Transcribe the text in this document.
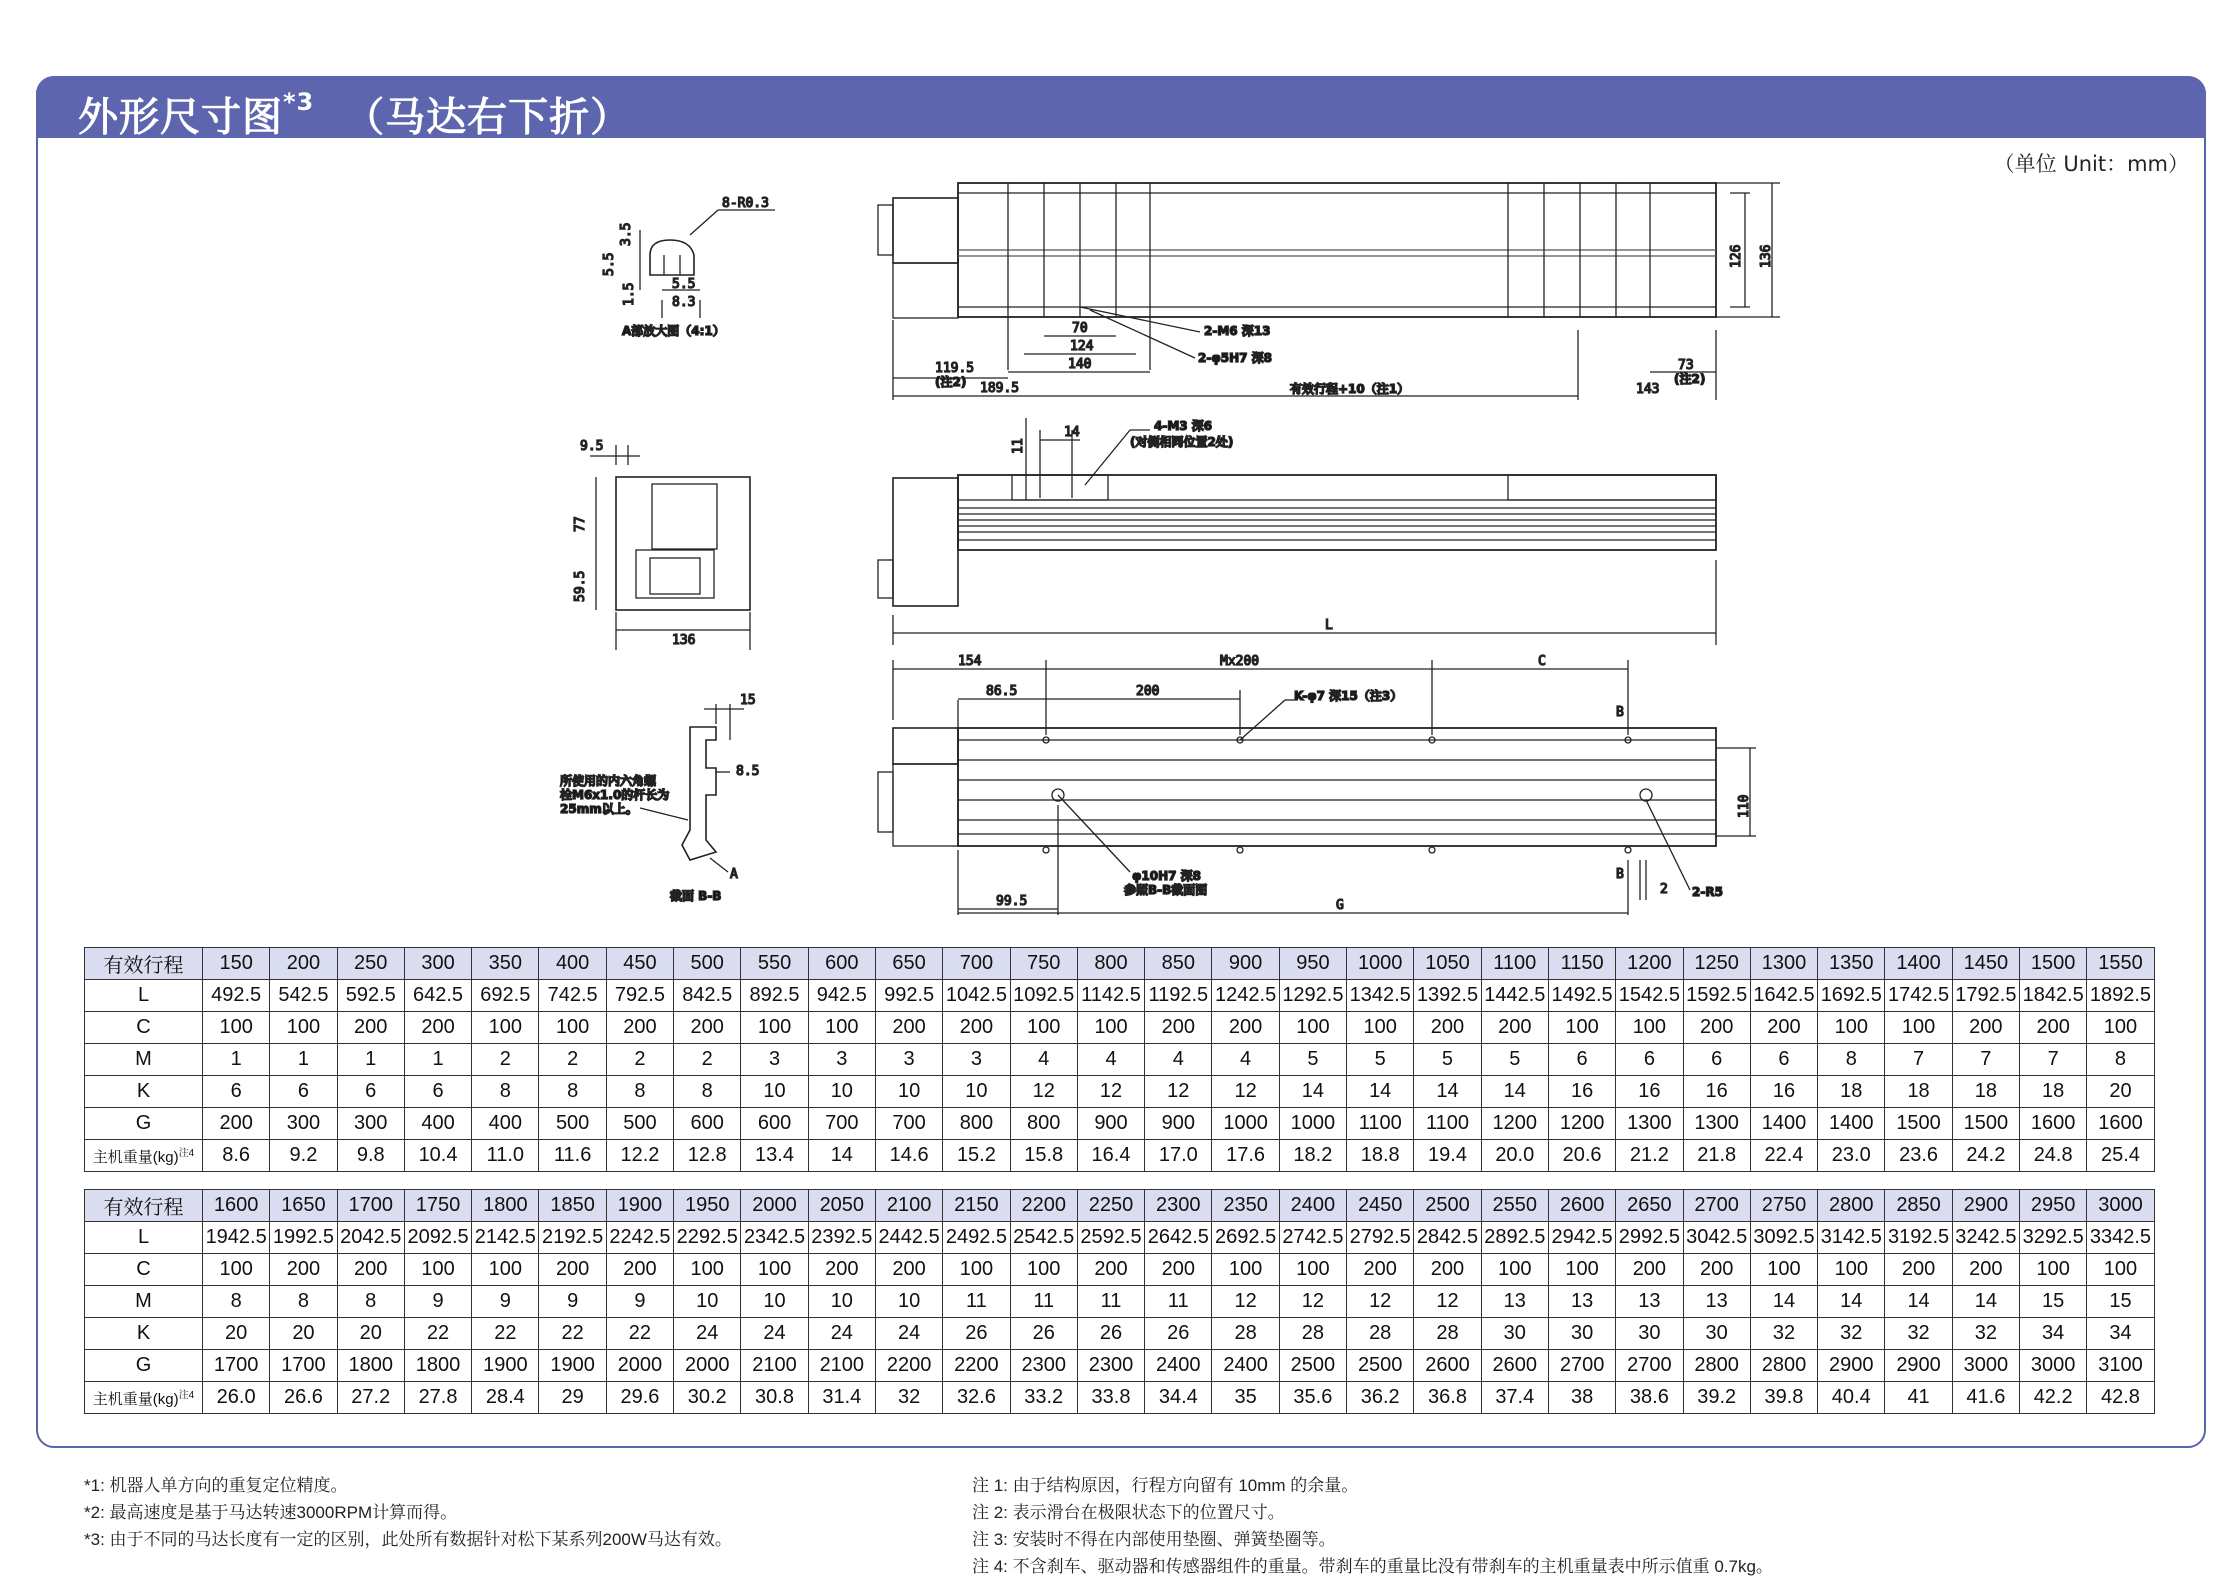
外形尺寸图$^{*3}$ （马达右下折）
（单位 Unit：mm）
8-R0.3
3.5
5.5
1.5	5.5
8.3
A部放大图（4:1）
126 136
70
124
140
2-M6 深13
2-φ5H7 深8
119.5
(注2) 189.5	有效行程+10（注1）	143
73
(注2)
9.5
77
59.5
136
14
11
4-M3 深6
(对侧相同位置2处)
L
15
8.5
A
所使用的内六角螺
栓M6x1.0的杆长为
25mm以上。
截面 B-B
154	Mx200	C
86.5	200	K-φ7 深15（注3）
B
110
B
2 2-R5
φ10H7 深8
参照B-B截面图
99.5	G
有效行程	150	200	250	300	350	400	450	500	550	600	650	700	750	800	850	900	950	1000	1050	1100	1150	1200	1250	1300	1350	1400	1450	1500	1550
L	492.5	542.5	592.5	642.5	692.5	742.5	792.5	842.5	892.5	942.5	992.5	1042.5	1092.5	1142.5	1192.5	1242.5	1292.5	1342.5	1392.5	1442.5	1492.5	1542.5	1592.5	1642.5	1692.5	1742.5	1792.5	1842.5	1892.5
C	100	100	200	200	100	100	200	200	100	100	200	200	100	100	200	200	100	100	200	200	100	100	200	200	100	100	200	200	100
M	1	1	1	1	2	2	2	2	3	3	3	3	4	4	4	4	5	5	5	5	6	6	6	6	8	7	7	7	8
K	6	6	6	6	8	8	8	8	10	10	10	10	12	12	12	12	14	14	14	14	16	16	16	16	18	18	18	18	20
G	200	300	300	400	400	500	500	600	600	700	700	800	800	900	900	1000	1000	1100	1100	1200	1200	1300	1300	1400	1400	1500	1500	1600	1600
主机重量(kg)$^{注4}$	8.6	9.2	9.8	10.4	11.0	11.6	12.2	12.8	13.4	14	14.6	15.2	15.8	16.4	17.0	17.6	18.2	18.8	19.4	20.0	20.6	21.2	21.8	22.4	23.0	23.6	24.2	24.8	25.4
有效行程	1600	1650	1700	1750	1800	1850	1900	1950	2000	2050	2100	2150	2200	2250	2300	2350	2400	2450	2500	2550	2600	2650	2700	2750	2800	2850	2900	2950	3000
L	1942.5	1992.5	2042.5	2092.5	2142.5	2192.5	2242.5	2292.5	2342.5	2392.5	2442.5	2492.5	2542.5	2592.5	2642.5	2692.5	2742.5	2792.5	2842.5	2892.5	2942.5	2992.5	3042.5	3092.5	3142.5	3192.5	3242.5	3292.5	3342.5
C	100	200	200	100	100	200	200	100	100	200	200	100	100	200	200	100	100	200	200	100	100	200	200	100	100	200	200	100	100
M	8	8	8	9	9	9	9	10	10	10	10	11	11	11	11	12	12	12	12	13	13	13	13	14	14	14	14	15	15
K	20	20	20	22	22	22	22	24	24	24	24	26	26	26	26	28	28	28	28	30	30	30	30	32	32	32	32	34	34
G	1700	1700	1800	1800	1900	1900	2000	2000	2100	2100	2200	2200	2300	2300	2400	2400	2500	2500	2600	2600	2700	2700	2800	2800	2900	2900	3000	3000	3100
主机重量(kg)$^{注4}$	26.0	26.6	27.2	27.8	28.4	29	29.6	30.2	30.8	31.4	32	32.6	33.2	33.8	34.4	35	35.6	36.2	36.8	37.4	38	38.6	39.2	39.8	40.4	41	41.6	42.2	42.8
*1: 机器人单方向的重复定位精度。
*2: 最高速度是基于马达转速3000RPM计算而得。
*3: 由于不同的马达长度有一定的区别，此处所有数据针对松下某系列200W马达有效。
注 1: 由于结构原因，行程方向留有 10mm 的余量。
注 2: 表示滑台在极限状态下的位置尺寸。
注 3: 安装时不得在内部使用垫圈、弹簧垫圈等。
注 4: 不含刹车、驱动器和传感器组件的重量。带刹车的重量比没有带刹车的主机重量表中所示值重 0.7kg。
